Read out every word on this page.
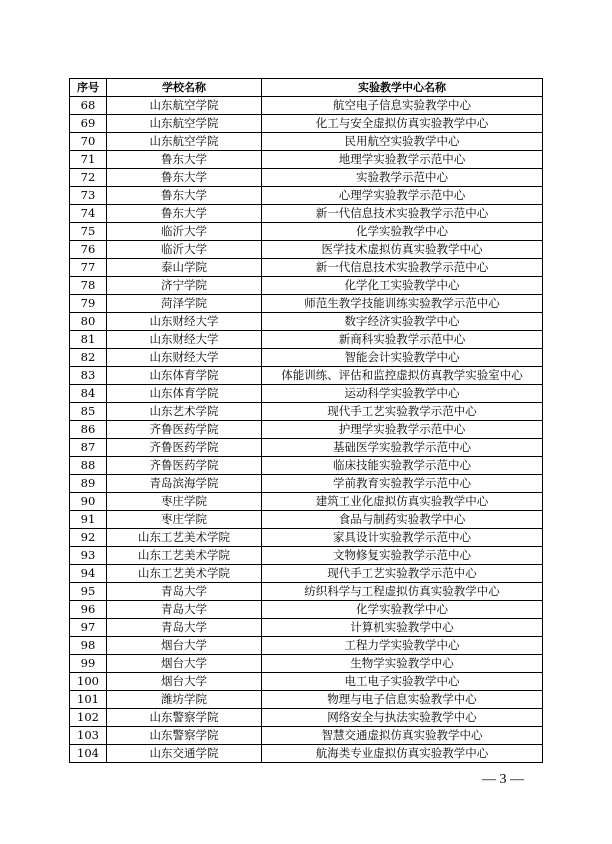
序号	学校名称	实验教学中心名称
68	山东航空学院	航空电子信息实验教学中心
69	山东航空学院	化工与安全虚拟仿真实验教学中心
70	山东航空学院	民用航空实验教学中心
71	鲁东大学	地理学实验教学示范中心
72	鲁东大学	实验教学示范中心
73	鲁东大学	心理学实验教学示范中心
74	鲁东大学	新一代信息技术实验教学示范中心
75	临沂大学	化学实验教学中心
76	临沂大学	医学技术虚拟仿真实验教学中心
77	泰山学院	新一代信息技术实验教学示范中心
78	济宁学院	化学化工实验教学中心
79	菏泽学院	师范生教学技能训练实验教学示范中心
80	山东财经大学	数字经济实验教学中心
81	山东财经大学	新商科实验教学示范中心
82	山东财经大学	智能会计实验教学中心
83	山东体育学院	体能训练、评估和监控虚拟仿真教学实验室中心
84	山东体育学院	运动科学实验教学中心
85	山东艺术学院	现代手工艺实验教学示范中心
86	齐鲁医药学院	护理学实验教学示范中心
87	齐鲁医药学院	基础医学实验教学示范中心
88	齐鲁医药学院	临床技能实验教学示范中心
89	青岛滨海学院	学前教育实验教学示范中心
90	枣庄学院	建筑工业化虚拟仿真实验教学中心
91	枣庄学院	食品与制药实验教学中心
92	山东工艺美术学院	家具设计实验教学示范中心
93	山东工艺美术学院	文物修复实验教学示范中心
94	山东工艺美术学院	现代手工艺实验教学示范中心
95	青岛大学	纺织科学与工程虚拟仿真实验教学中心
96	青岛大学	化学实验教学中心
97	青岛大学	计算机实验教学中心
98	烟台大学	工程力学实验教学中心
99	烟台大学	生物学实验教学中心
100	烟台大学	电工电子实验教学中心
101	潍坊学院	物理与电子信息实验教学中心
102	山东警察学院	网络安全与执法实验教学中心
103	山东警察学院	智慧交通虚拟仿真实验教学中心
104	山东交通学院	航海类专业虚拟仿真实验教学中心
— 3 —
